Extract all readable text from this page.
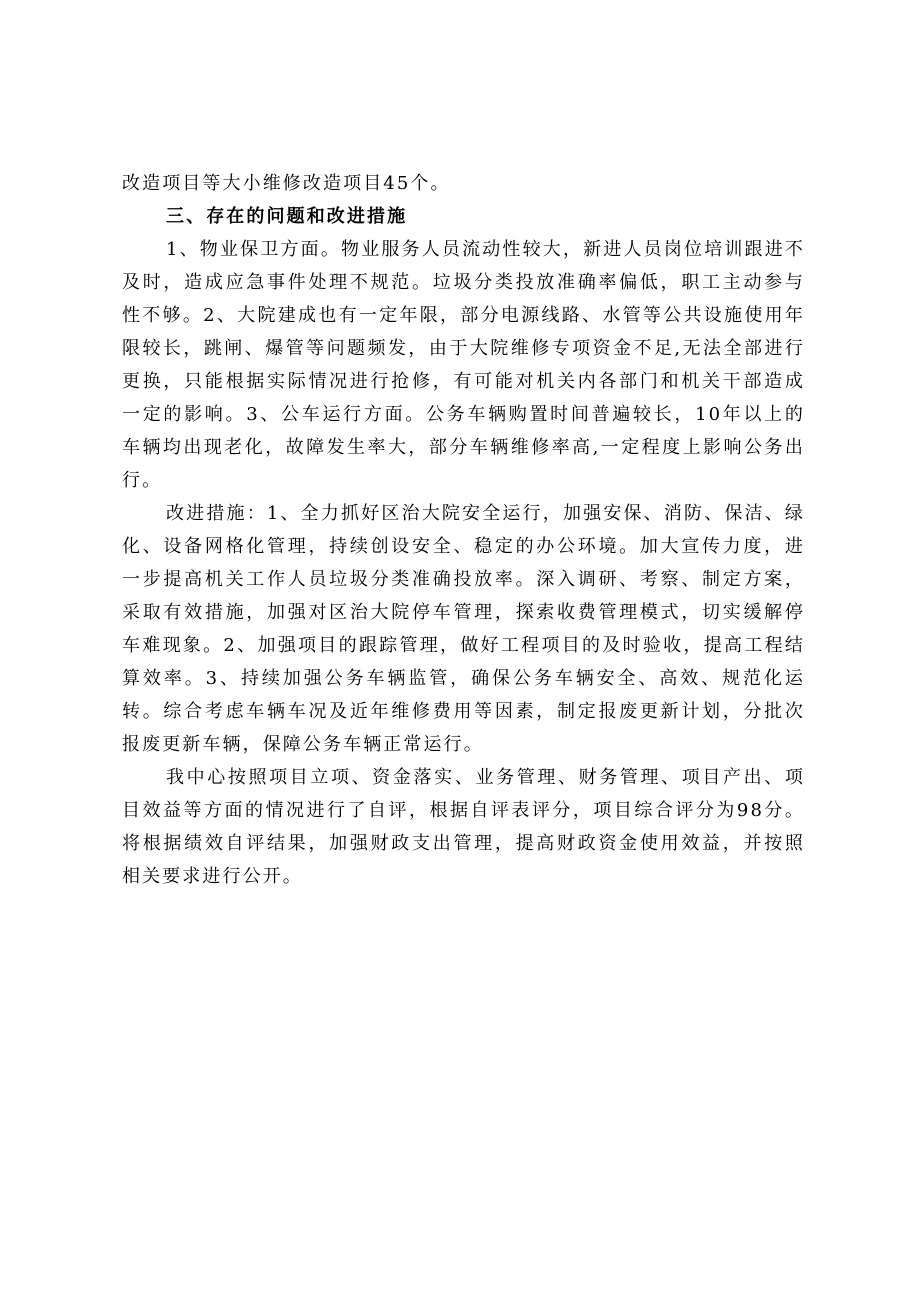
改造项目等大小维修改造项目45个。

三、存在的问题和改进措施

1、物业保卫方面。物业服务人员流动性较大，新进人员岗位培训跟进不及时，造成应急事件处理不规范。垃圾分类投放准确率偏低，职工主动参与性不够。2、大院建成也有一定年限，部分电源线路、水管等公共设施使用年限较长，跳闸、爆管等问题频发，由于大院维修专项资金不足,无法全部进行更换，只能根据实际情况进行抢修，有可能对机关内各部门和机关干部造成一定的影响。3、公车运行方面。公务车辆购置时间普遍较长，10年以上的车辆均出现老化，故障发生率大，部分车辆维修率高,一定程度上影响公务出行。

改进措施：1、全力抓好区治大院安全运行，加强安保、消防、保洁、绿化、设备网格化管理，持续创设安全、稳定的办公环境。加大宣传力度，进一步提高机关工作人员垃圾分类准确投放率。深入调研、考察、制定方案，采取有效措施，加强对区治大院停车管理，探索收费管理模式，切实缓解停车难现象。2、加强项目的跟踪管理，做好工程项目的及时验收，提高工程结算效率。3、持续加强公务车辆监管，确保公务车辆安全、高效、规范化运转。综合考虑车辆车况及近年维修费用等因素，制定报废更新计划，分批次报废更新车辆，保障公务车辆正常运行。

我中心按照项目立项、资金落实、业务管理、财务管理、项目产出、项目效益等方面的情况进行了自评，根据自评表评分，项目综合评分为98分。将根据绩效自评结果，加强财政支出管理，提高财政资金使用效益，并按照相关要求进行公开。
